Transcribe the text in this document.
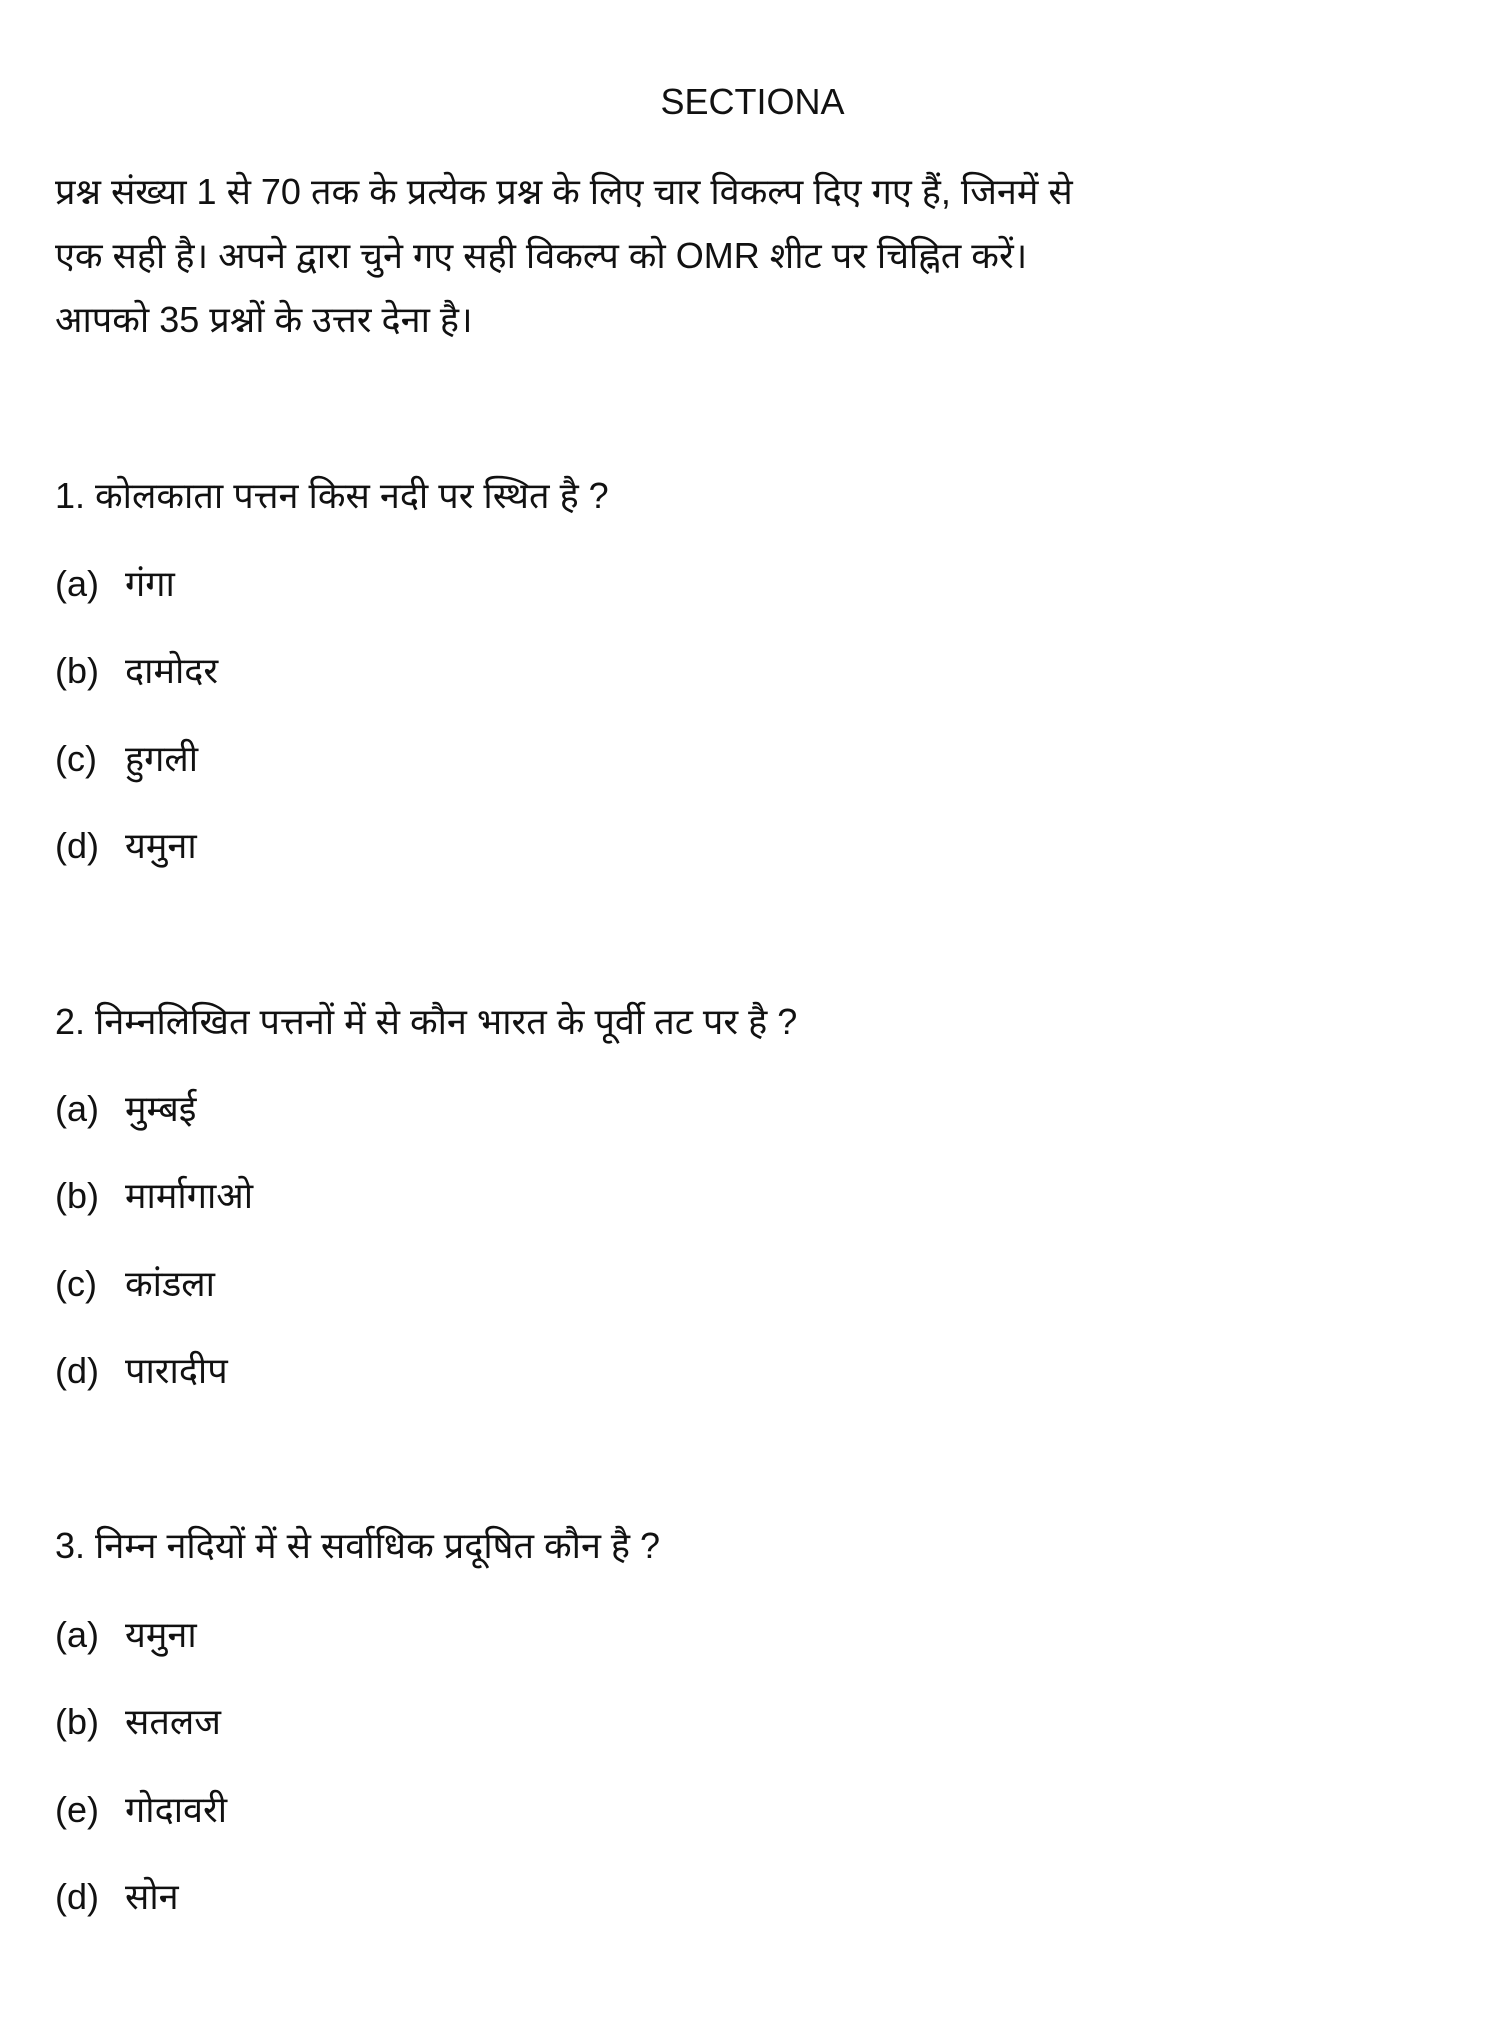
SECTIONA
प्रश्न संख्या 1 से 70 तक के प्रत्येक प्रश्न के लिए चार विकल्प दिए गए हैं, जिनमें से
एक सही है। अपने द्वारा चुने गए सही विकल्प को OMR शीट पर चिह्नित करें।
आपको 35 प्रश्नों के उत्तर देना है।
1. कोलकाता पत्तन किस नदी पर स्थित है ?
(a) गंगा
(b) दामोदर
(c) हुगली
(d) यमुना
2. निम्नलिखित पत्तनों में से कौन भारत के पूर्वी तट पर है ?
(a) मुम्बई
(b) मार्मागाओ
(c) कांडला
(d) पारादीप
3. निम्न नदियों में से सर्वाधिक प्रदूषित कौन है ?
(a) यमुना
(b) सतलज
(e) गोदावरी
(d) सोन
